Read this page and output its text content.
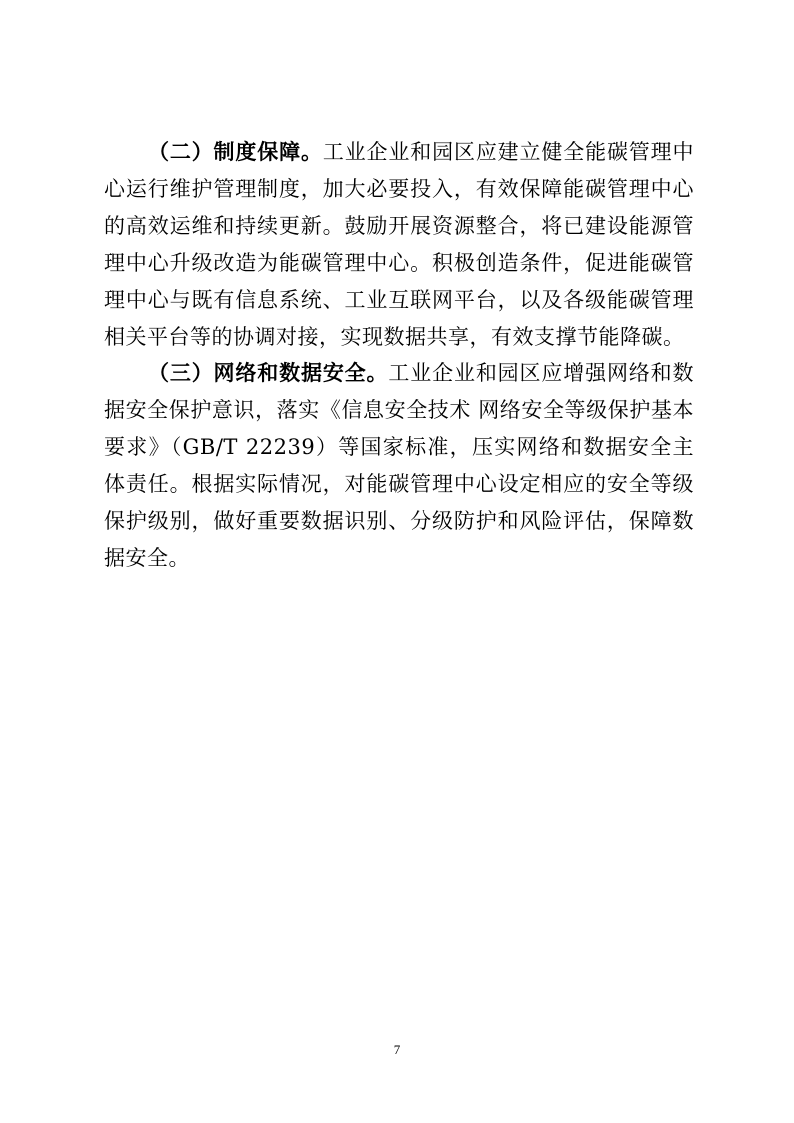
（二）制度保障。工业企业和园区应建立健全能碳管理中心运行维护管理制度，加大必要投入，有效保障能碳管理中心的高效运维和持续更新。鼓励开展资源整合，将已建设能源管理中心升级改造为能碳管理中心。积极创造条件，促进能碳管理中心与既有信息系统、工业互联网平台，以及各级能碳管理相关平台等的协调对接，实现数据共享，有效支撑节能降碳。

（三）网络和数据安全。工业企业和园区应增强网络和数据安全保护意识，落实《信息安全技术 网络安全等级保护基本要求》（GB/T 22239）等国家标准，压实网络和数据安全主体责任。根据实际情况，对能碳管理中心设定相应的安全等级保护级别，做好重要数据识别、分级防护和风险评估，保障数据安全。

7
